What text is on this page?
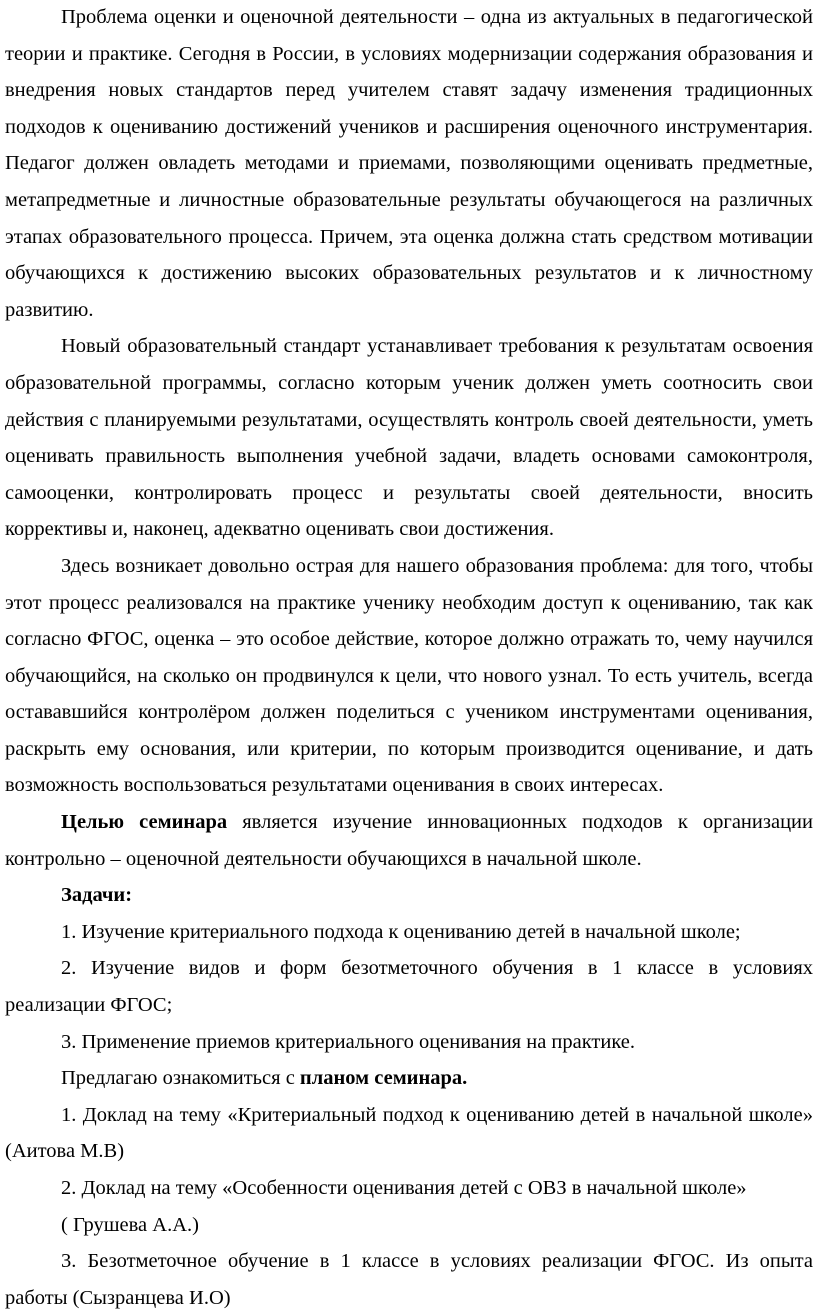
Проблема оценки и оценочной деятельности – одна из актуальных в педагогической теории и практике. Сегодня в России, в условиях модернизации содержания образования и внедрения новых стандартов перед учителем ставят задачу изменения традиционных подходов к оцениванию достижений учеников и расширения оценочного инструментария. Педагог должен овладеть методами и приемами, позволяющими оценивать предметные, метапредметные и личностные образовательные результаты обучающегося на различных этапах образовательного процесса. Причем, эта оценка должна стать средством мотивации обучающихся к достижению высоких образовательных результатов и к личностному развитию.

Новый образовательный стандарт устанавливает требования к результатам освоения образовательной программы, согласно которым ученик должен уметь соотносить свои действия с планируемыми результатами, осуществлять контроль своей деятельности, уметь оценивать правильность выполнения учебной задачи, владеть основами самоконтроля, самооценки, контролировать процесс и результаты своей деятельности, вносить коррективы и, наконец, адекватно оценивать свои достижения.

Здесь возникает довольно острая для нашего образования проблема: для того, чтобы этот процесс реализовался на практике ученику необходим доступ к оцениванию, так как согласно ФГОС, оценка – это особое действие, которое должно отражать то, чему научился обучающийся, на сколько он продвинулся к цели, что нового узнал. То есть учитель, всегда остававшийся контролёром должен поделиться с учеником инструментами оценивания, раскрыть ему основания, или критерии, по которым производится оценивание, и дать возможность воспользоваться результатами оценивания в своих интересах.

Целью семинара является изучение инновационных подходов к организации контрольно – оценочной деятельности обучающихся в начальной школе.

Задачи:

1. Изучение критериального подхода к оцениванию детей в начальной школе;

2. Изучение видов и форм безотметочного обучения в 1 классе в условиях реализации ФГОС;

3. Применение приемов критериального оценивания на практике.

Предлагаю ознакомиться с планом семинара.

1. Доклад на тему «Критериальный подход к оцениванию детей в начальной школе» (Аитова М.В)

2. Доклад на тему «Особенности оценивания детей с ОВЗ в начальной школе»

( Грушева А.А.)

3. Безотметочное обучение в 1 классе в условиях реализации ФГОС. Из опыта работы (Сызранцева И.О)
